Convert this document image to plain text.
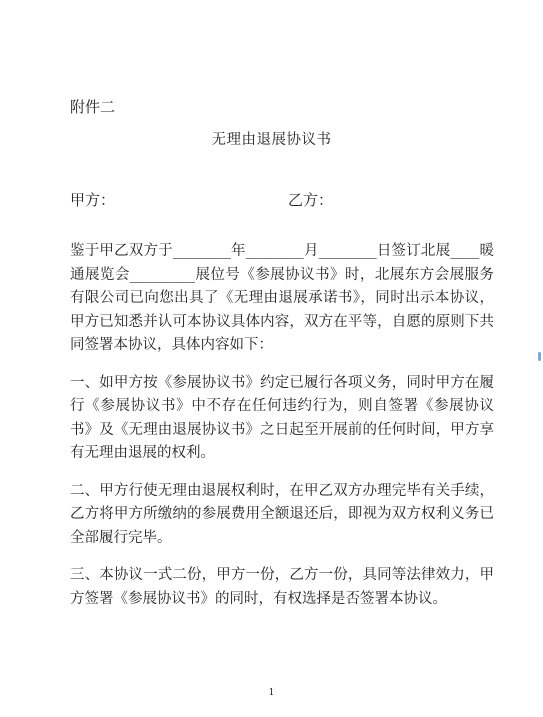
附件二
无理由退展协议书
甲方：	乙方：

鉴于甲乙双方于________年________月________日签订北展____暖通展览会_________展位号《参展协议书》时，北展东方会展服务有限公司已向您出具了《无理由退展承诺书》，同时出示本协议，甲方已知悉并认可本协议具体内容，双方在平等，自愿的原则下共同签署本协议，具体内容如下：

一、如甲方按《参展协议书》约定已履行各项义务，同时甲方在履行《参展协议书》中不存在任何违约行为，则自签署《参展协议书》及《无理由退展协议书》之日起至开展前的任何时间，甲方享有无理由退展的权利。

二、甲方行使无理由退展权利时，在甲乙双方办理完毕有关手续，乙方将甲方所缴纳的参展费用全额退还后，即视为双方权利义务已全部履行完毕。

三、本协议一式二份，甲方一份，乙方一份，具同等法律效力，甲方签署《参展协议书》的同时，有权选择是否签署本协议。

1
